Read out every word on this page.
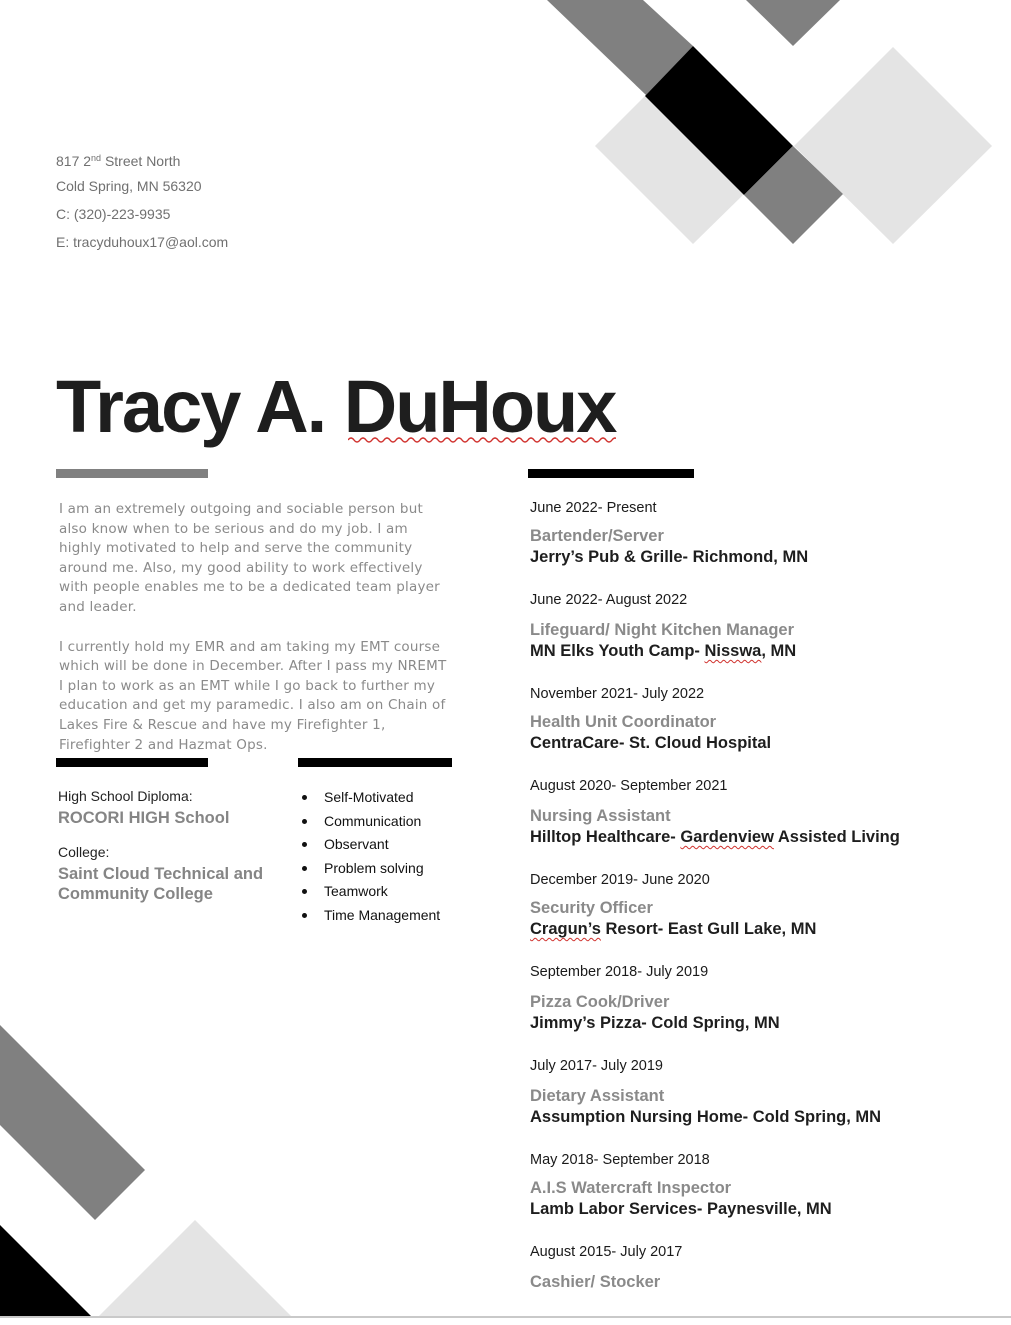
817 2nd Street North
Cold Spring, MN 56320
C: (320)-223-9935
E: tracyduhoux17@aol.com
Tracy A. DuHoux

I am an extremely outgoing and sociable person but also know when to be serious and do my job. I am highly motivated to help and serve the community around me. Also, my good ability to work effectively with people enables me to be a dedicated team player and leader.

I currently hold my EMR and am taking my EMT course which will be done in December. After I pass my NREMT I plan to work as an EMT while I go back to further my education and get my paramedic. I also am on Chain of Lakes Fire & Rescue and have my Firefighter 1, Firefighter 2 and Hazmat Ops.

High School Diploma:
ROCORI HIGH School
College:
Saint Cloud Technical and Community College
Self-Motivated
Communication
Observant
Problem solving
Teamwork
Time Management
June 2022- Present
Bartender/Server
Jerry’s Pub & Grille- Richmond, MN
June 2022- August 2022
Lifeguard/ Night Kitchen Manager
MN Elks Youth Camp- Nisswa, MN
November 2021- July 2022
Health Unit Coordinator
CentraCare- St. Cloud Hospital
August 2020- September 2021
Nursing Assistant
Hilltop Healthcare- Gardenview Assisted Living
December 2019- June 2020
Security Officer
Cragun’s Resort- East Gull Lake, MN
September 2018- July 2019
Pizza Cook/Driver
Jimmy’s Pizza- Cold Spring, MN
July 2017- July 2019
Dietary Assistant
Assumption Nursing Home- Cold Spring, MN
May 2018- September 2018
A.I.S Watercraft Inspector
Lamb Labor Services- Paynesville, MN
August 2015- July 2017
Cashier/ Stocker
